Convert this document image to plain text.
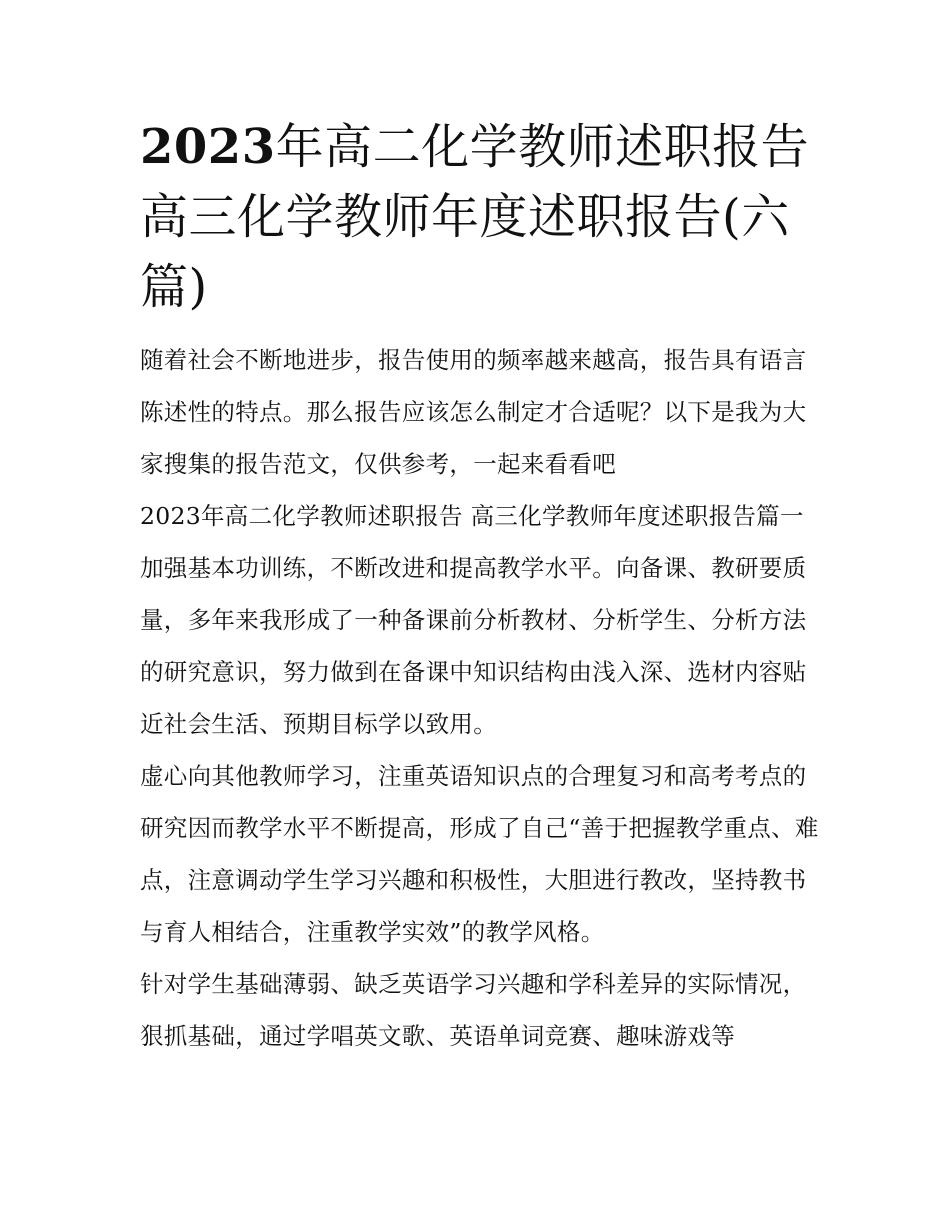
2023年高二化学教师述职报告 高三化学教师年度述职报告(六篇)

随着社会不断地进步，报告使用的频率越来越高，报告具有语言陈述性的特点。那么报告应该怎么制定才合适呢？以下是我为大家搜集的报告范文，仅供参考，一起来看看吧

2023年高二化学教师述职报告 高三化学教师年度述职报告篇一

加强基本功训练，不断改进和提高教学水平。向备课、教研要质量，多年来我形成了一种备课前分析教材、分析学生、分析方法的研究意识，努力做到在备课中知识结构由浅入深、选材内容贴近社会生活、预期目标学以致用。

虚心向其他教师学习，注重英语知识点的合理复习和高考考点的研究因而教学水平不断提高，形成了自己“善于把握教学重点、难点，注意调动学生学习兴趣和积极性，大胆进行教改，坚持教书与育人相结合，注重教学实效”的教学风格。

针对学生基础薄弱、缺乏英语学习兴趣和学科差异的实际情况，狠抓基础，通过学唱英文歌、英语单词竞赛、趣味游戏等
